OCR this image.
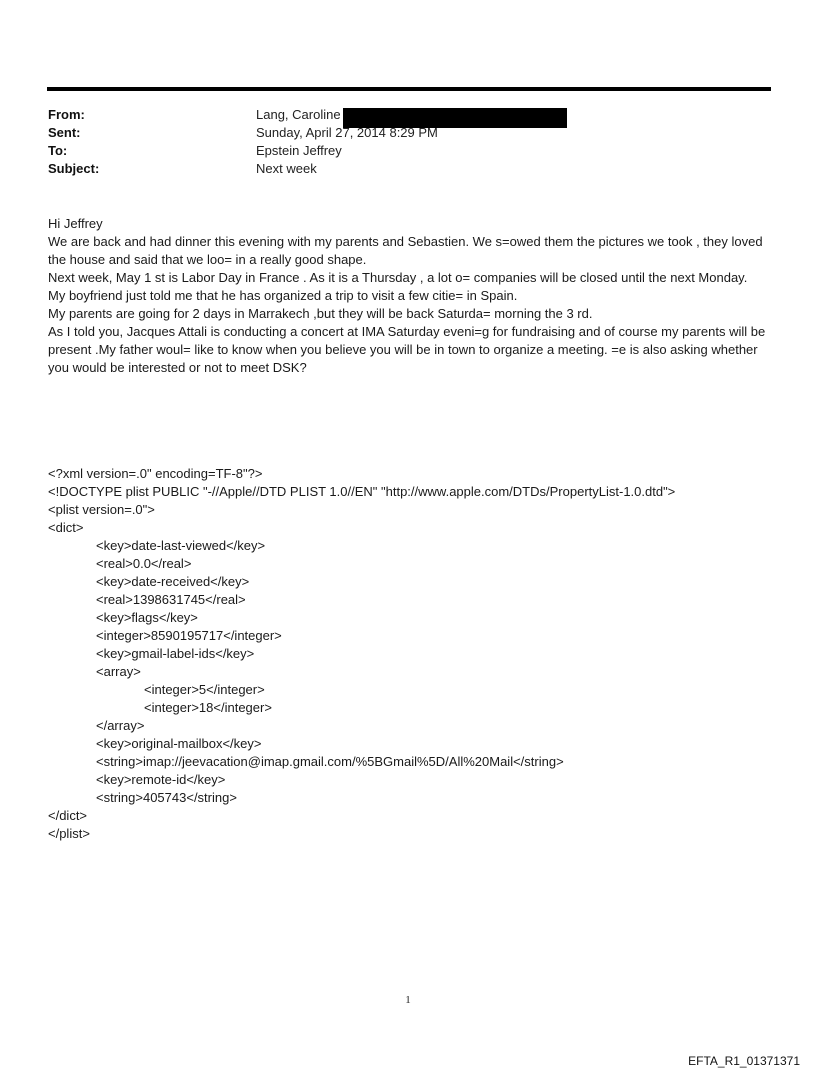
From:	Lang, Caroline
Sent:	Sunday, April 27, 2014 8:29 PM
To:	Epstein Jeffrey
Subject:	Next week

Hi Jeffrey

We are back and had dinner this evening with my parents and Sebastien. We s=owed them the pictures we took , they loved the house and said that we loo= in a really good shape.

Next week, May 1 st is Labor Day in France . As it is a Thursday , a lot o= companies will be closed until the next Monday.

My boyfriend just told me that he has organized a trip to visit a few citie= in Spain.

My parents are going for 2 days in Marrakech ,but they will be back Saturda= morning the 3 rd.

As I told you, Jacques Attali is conducting a concert at IMA Saturday eveni=g for fundraising and of course my parents will be present .My father woul= like to know when you believe you will be in town to organize a meeting. =e is also asking whether you would be interested or not to meet DSK?

<?xml version=.0" encoding=TF-8"?>
<!DOCTYPE plist PUBLIC "-//Apple//DTD PLIST 1.0//EN" "http://www.apple.com/DTDs/PropertyList-1.0.dtd">
<plist version=.0">
<dict>
<key>date-last-viewed</key>
<real>0.0</real>
<key>date-received</key>
<real>1398631745</real>
<key>flags</key>
<integer>8590195717</integer>
<key>gmail-label-ids</key>
<array>
<integer>5</integer>
<integer>18</integer>
</array>
<key>original-mailbox</key>
<string>imap://jeevacation@imap.gmail.com/%5BGmail%5D/All%20Mail</string>
<key>remote-id</key>
<string>405743</string>
</dict>
</plist>
1
EFTA_R1_01371371
